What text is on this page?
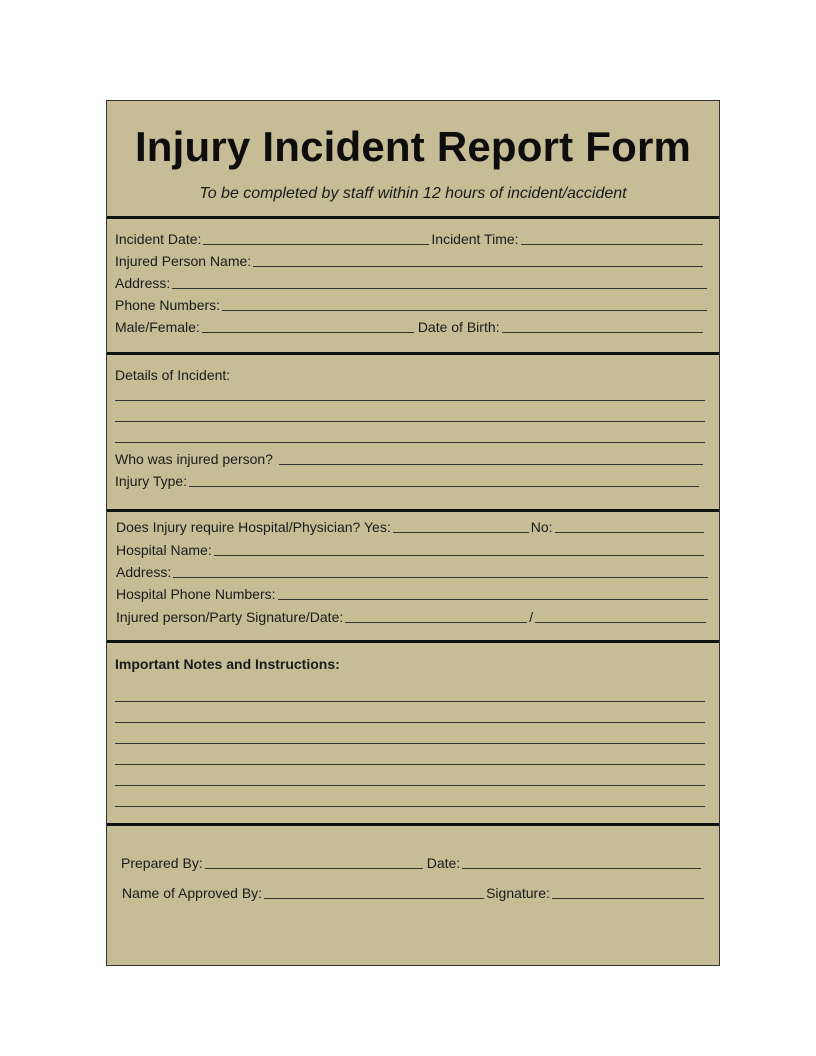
Injury Incident Report Form
To be completed by staff within 12 hours of incident/accident
Incident Date:	Incident Time:
Injured Person Name:
Address:
Phone Numbers:
Male/Female:	Date of Birth:
Details of Incident:
Who was injured person?
Injury Type:
Does Injury require Hospital/Physician? Yes:	No:
Hospital Name:
Address:
Hospital Phone Numbers:
Injured person/Party Signature/Date:	/
Important Notes and Instructions:
Prepared By:	Date:
Name of Approved By:	Signature:
